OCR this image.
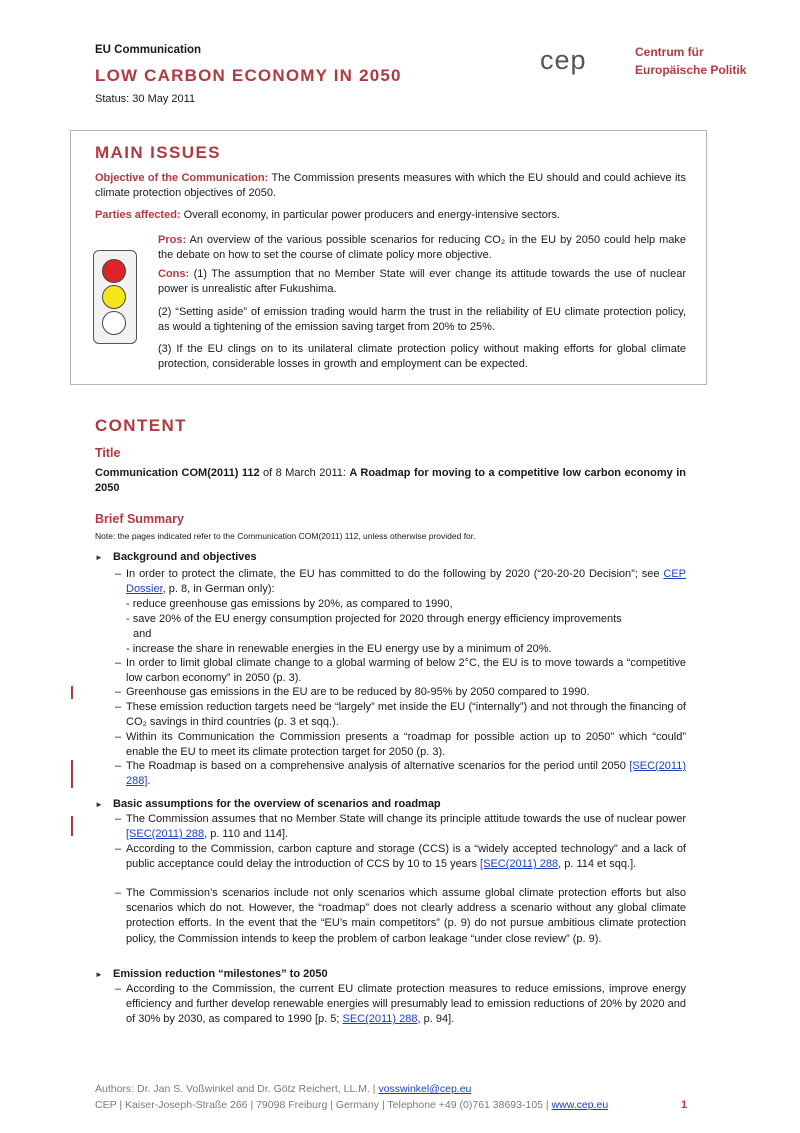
EU Communication
LOW CARBON ECONOMY IN 2050
Status: 30 May 2011
cep	Centrum für
Europäische Politik
MAIN ISSUES
Objective of the Communication: The Commission presents measures with which the EU should and could achieve its climate protection objectives of 2050.
Parties affected: Overall economy, in particular power producers and energy-intensive sectors.
Pros: An overview of the various possible scenarios for reducing CO₂ in the EU by 2050 could help make the debate on how to set the course of climate policy more objective.
Cons: (1) The assumption that no Member State will ever change its attitude towards the use of nuclear power is unrealistic after Fukushima.
(2) “Setting aside” of emission trading would harm the trust in the reliability of EU climate protection policy, as would a tightening of the emission saving target from 20% to 25%.
(3) If the EU clings on to its unilateral climate protection policy without making efforts for global climate protection, considerable losses in growth and employment can be expected.
CONTENT
Title
Communication COM(2011) 112 of 8 March 2011: A Roadmap for moving to a competitive low carbon economy in 2050
Brief Summary
Note: the pages indicated refer to the Communication COM(2011) 112, unless otherwise provided for.
► Background and objectives
– In order to protect the climate, the EU has committed to do the following by 2020 (“20-20-20 Decision”; see CEP Dossier, p. 8, in German only):
- reduce greenhouse gas emissions by 20%, as compared to 1990,
- save 20% of the EU energy consumption projected for 2020 through energy efficiency improvements
and
- increase the share in renewable energies in the EU energy use by a minimum of 20%.
– In order to limit global climate change to a global warming of below 2°C, the EU is to move towards a “competitive low carbon economy” in 2050 (p. 3).
– Greenhouse gas emissions in the EU are to be reduced by 80-95% by 2050 compared to 1990.
– These emission reduction targets need be “largely” met inside the EU (“internally”) and not through the financing of CO₂ savings in third countries (p. 3 et sqq.).
– Within its Communication the Commission presents a “roadmap for possible action up to 2050” which “could” enable the EU to meet its climate protection target for 2050 (p. 3).
– The Roadmap is based on a comprehensive analysis of alternative scenarios for the period until 2050 [SEC(2011) 288].
► Basic assumptions for the overview of scenarios and roadmap
– The Commission assumes that no Member State will change its principle attitude towards the use of nuclear power [SEC(2011) 288, p. 110 and 114].
– According to the Commission, carbon capture and storage (CCS) is a “widely accepted technology” and a lack of public acceptance could delay the introduction of CCS by 10 to 15 years [SEC(2011) 288, p. 114 et sqq.].
– The Commission’s scenarios include not only scenarios which assume global climate protection efforts but also scenarios which do not. However, the “roadmap” does not clearly address a scenario without any global climate protection efforts. In the event that the “EU’s main competitors” (p. 9) do not pursue ambitious climate protection policy, the Commission intends to keep the problem of carbon leakage “under close review” (p. 9).
► Emission reduction “milestones” to 2050
– According to the Commission, the current EU climate protection measures to reduce emissions, improve energy efficiency and further develop renewable energies will presumably lead to emission reductions of 20% by 2020 and of 30% by 2030, as compared to 1990 [p. 5; SEC(2011) 288, p. 94].
Authors: Dr. Jan S. Voßwinkel and Dr. Götz Reichert, LL.M. | vosswinkel@cep.eu
CEP | Kaiser-Joseph-Straße 266 | 79098 Freiburg | Germany | Telephone +49 (0)761 38693-105 | www.cep.eu	1
